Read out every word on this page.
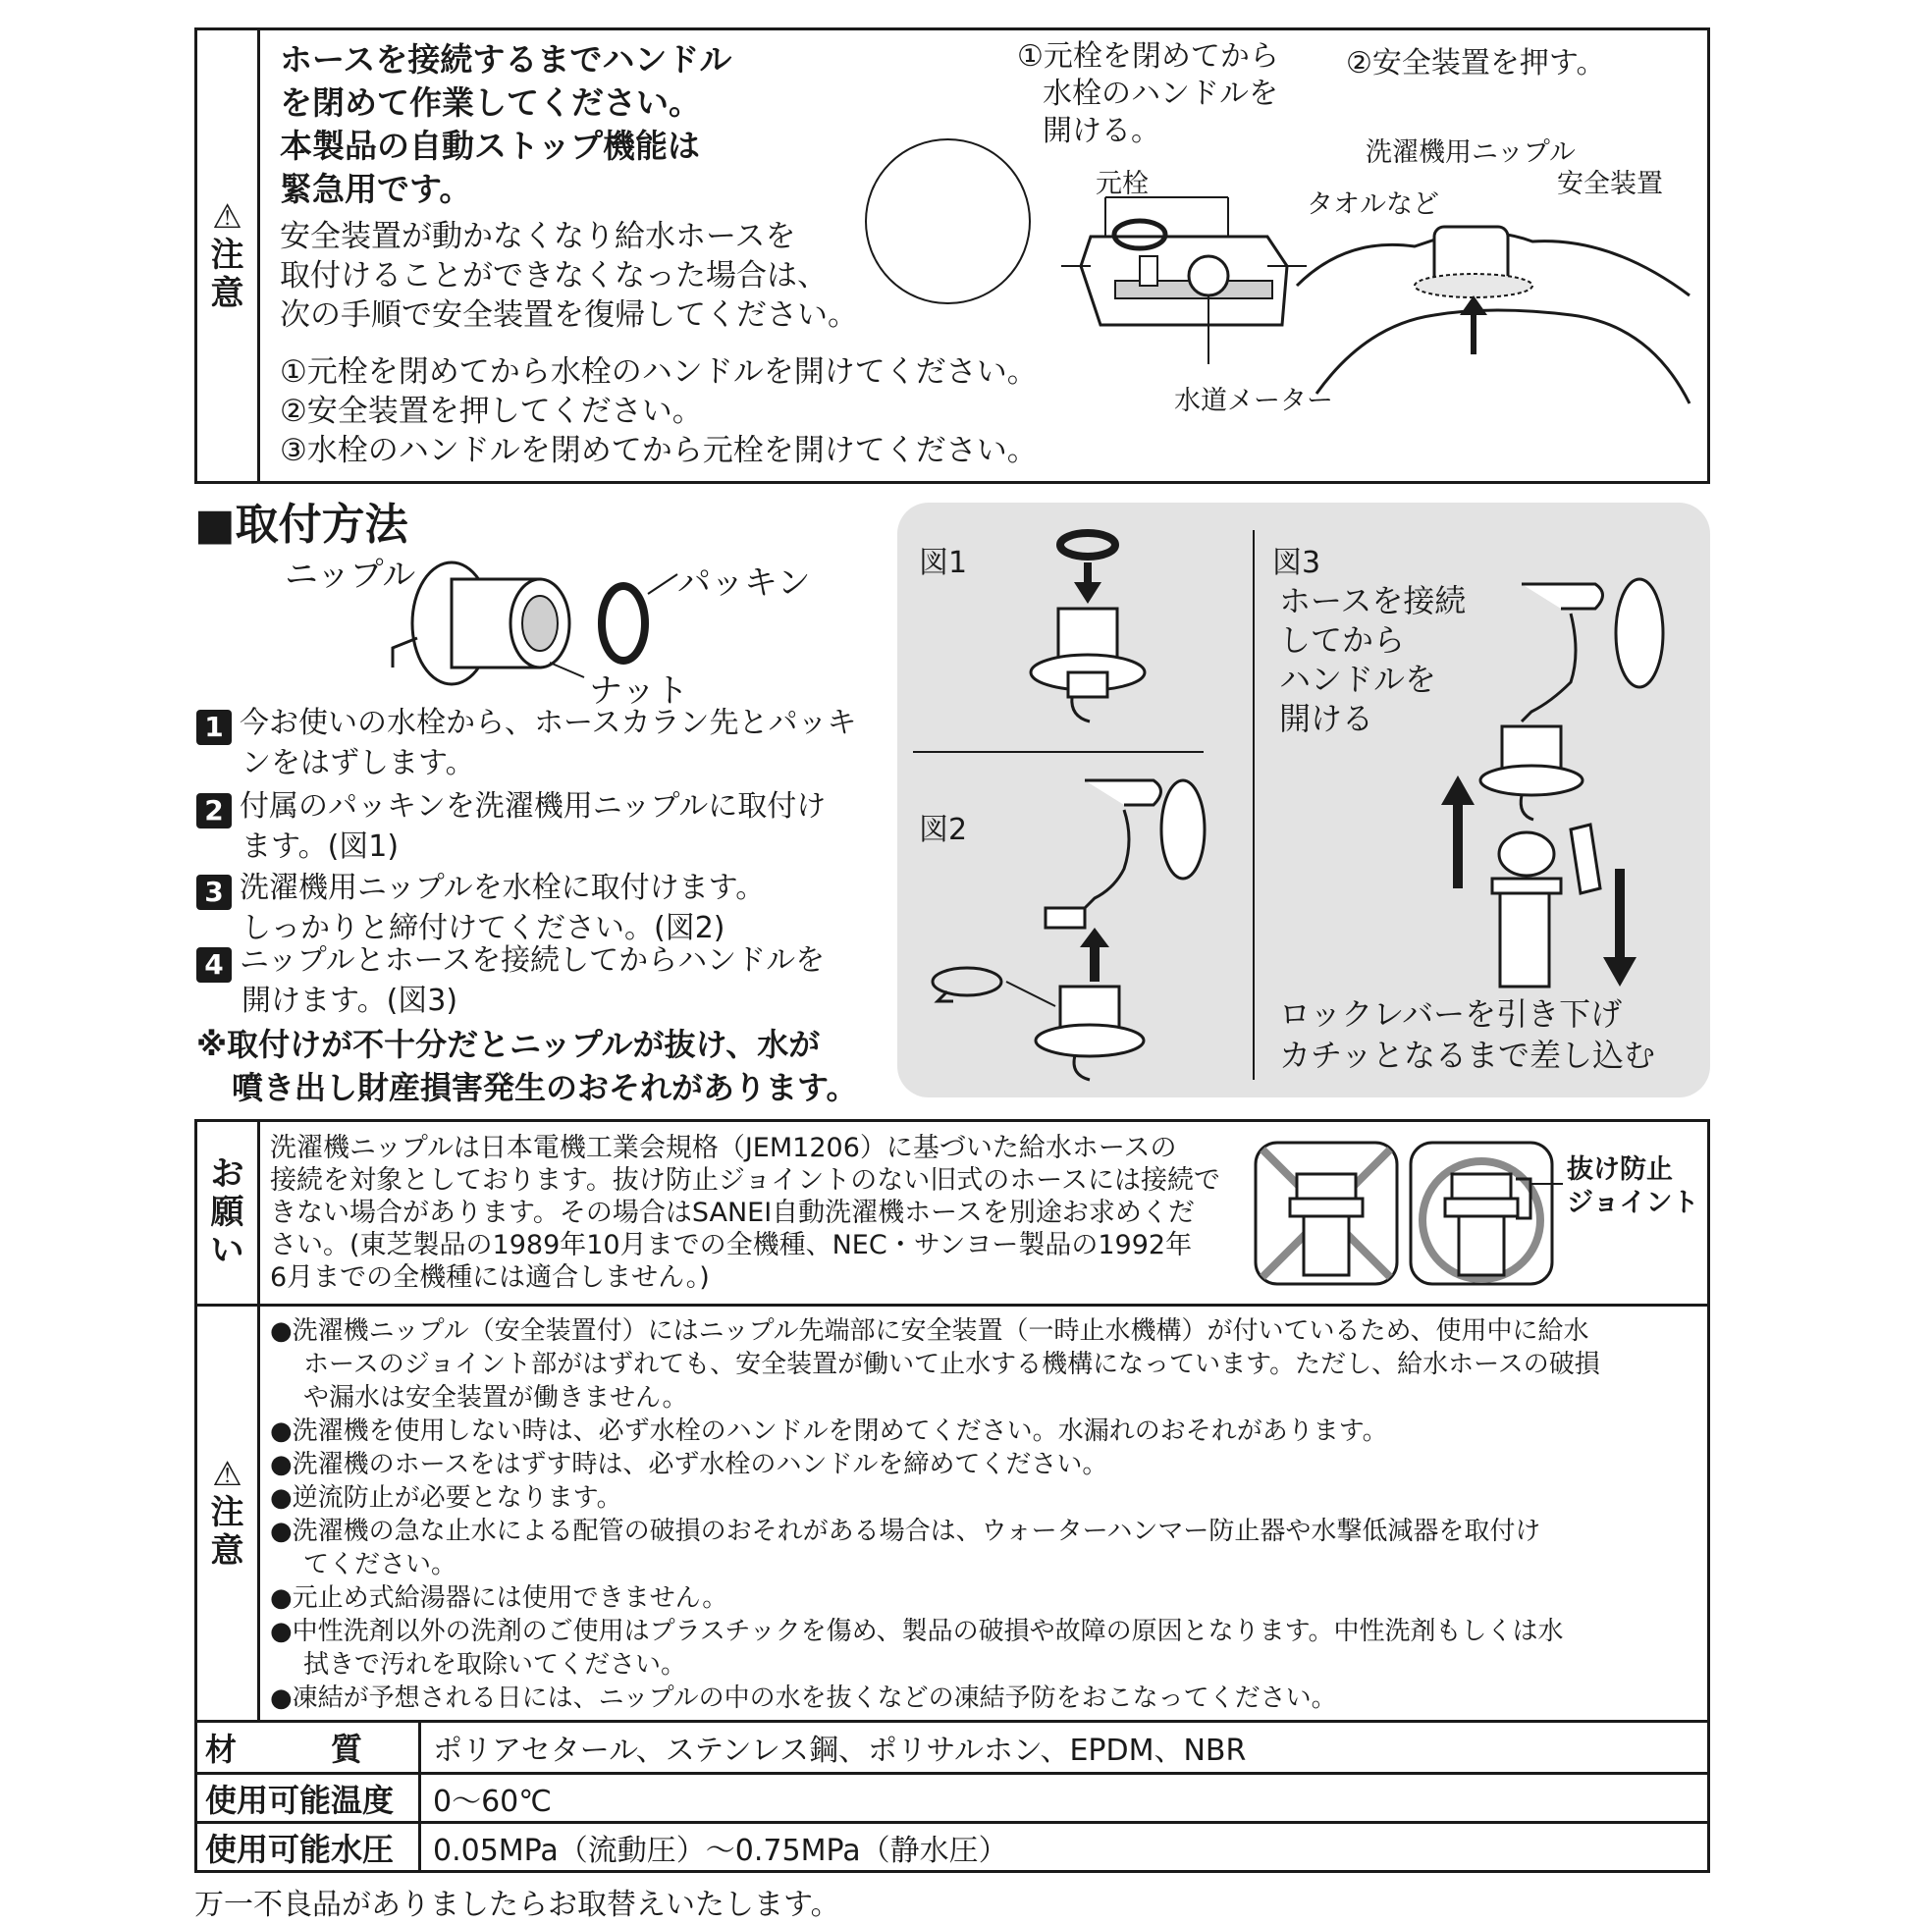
⚠
注
意
ホースを接続するまでハンドル
を閉めて作業してください。
本製品の自動ストップ機能は
緊急用です。
安全装置が動かなくなり給水ホースを
取付けることができなくなった場合は、
次の手順で安全装置を復帰してください。
①元栓を閉めてから水栓のハンドルを開けてください。
②安全装置を押してください。
③水栓のハンドルを閉めてから元栓を開けてください。
①元栓を閉めてから
水栓のハンドルを
開ける。
元栓
水道メーター
②安全装置を押す。
洗濯機用ニップル
安全装置
タオルなど
■取付方法
ニップル	パッキン
ナット
1 今お使いの水栓から、ホースカラン先とパッキ
ンをはずします。
2 付属のパッキンを洗濯機用ニップルに取付け
ます。(図1)
3 洗濯機用ニップルを水栓に取付けます。
しっかりと締付けてください。(図2)
4 ニップルとホースを接続してからハンドルを
開けます。(図3)
※取付けが不十分だとニップルが抜け、水が
噴き出し財産損害発生のおそれがあります。
図1
図2
図3
ホースを接続
してから
ハンドルを
開ける
ロックレバーを引き下げ
カチッとなるまで差し込む
お
願
い
洗濯機ニップルは日本電機工業会規格（JEM1206）に基づいた給水ホースの
接続を対象としております。抜け防止ジョイントのない旧式のホースには接続で
きない場合があります。その場合はSANEI自動洗濯機ホースを別途お求めくだ
さい。(東芝製品の1989年10月までの全機種、NEC・サンヨー製品の1992年
6月までの全機種には適合しません。)
抜け防止
ジョイント
⚠
注
意
●洗濯機ニップル（安全装置付）にはニップル先端部に安全装置（一時止水機構）が付いているため、使用中に給水
ホースのジョイント部がはずれても、安全装置が働いて止水する機構になっています。ただし、給水ホースの破損
や漏水は安全装置が働きません。
●洗濯機を使用しない時は、必ず水栓のハンドルを閉めてください。水漏れのおそれがあります。
●洗濯機のホースをはずす時は、必ず水栓のハンドルを締めてください。
●逆流防止が必要となります。
●洗濯機の急な止水による配管の破損のおそれがある場合は、ウォーターハンマー防止器や水撃低減器を取付け
てください。
●元止め式給湯器には使用できません。
●中性洗剤以外の洗剤のご使用はプラスチックを傷め、製品の破損や故障の原因となります。中性洗剤もしくは水
拭きで汚れを取除いてください。
●凍結が予想される日には、ニップルの中の水を抜くなどの凍結予防をおこなってください。
材　　　質	ポリアセタール、ステンレス鋼、ポリサルホン、EPDM、NBR
使用可能温度	0〜60℃
使用可能水圧	0.05MPa（流動圧）〜0.75MPa（静水圧）
万一不良品がありましたらお取替えいたします。
